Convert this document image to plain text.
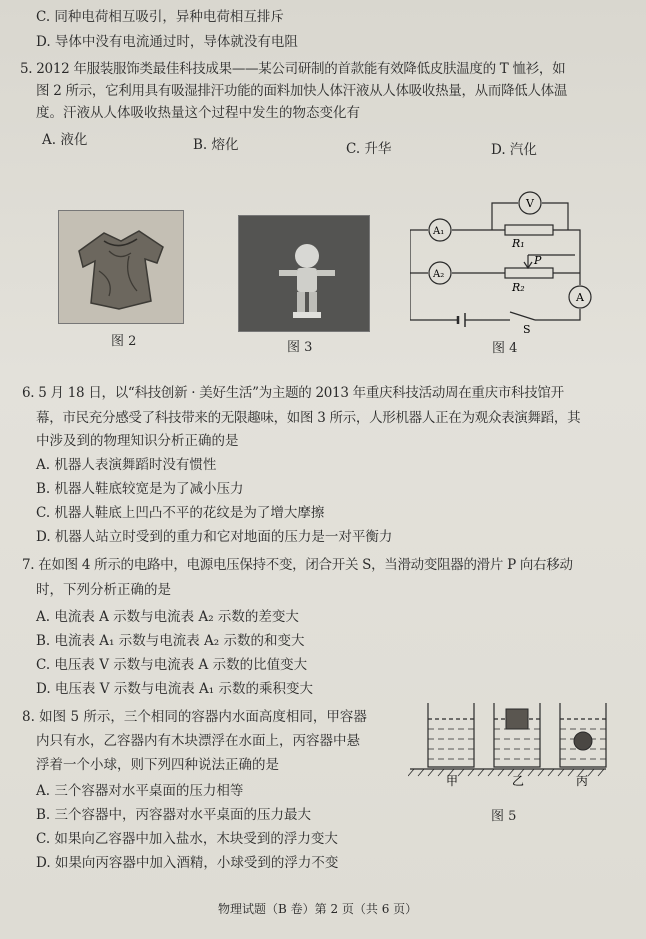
C. 同种电荷相互吸引，异种电荷相互排斥
D. 导体中没有电流通过时，导体就没有电阻
5. 2012 年服装服饰类最佳科技成果——某公司研制的首款能有效降低皮肤温度的 T 恤衫，如
图 2 所示，它利用具有吸湿排汗功能的面料加快人体汗液从人体吸收热量，从而降低人体温
度。汗液从人体吸收热量这个过程中发生的物态变化有
A. 液化	B. 熔化	C. 升华	D. 汽化
图 2	图 3
V
A₁
A₂
A
R₁
R₂
P
S
图 4
6. 5 月 18 日，以“科技创新 · 美好生活”为主题的 2013 年重庆科技活动周在重庆市科技馆开
幕，市民充分感受了科技带来的无限趣味，如图 3 所示，人形机器人正在为观众表演舞蹈，其
中涉及到的物理知识分析正确的是
A. 机器人表演舞蹈时没有惯性
B. 机器人鞋底较宽是为了减小压力
C. 机器人鞋底上凹凸不平的花纹是为了增大摩擦
D. 机器人站立时受到的重力和它对地面的压力是一对平衡力
7. 在如图 4 所示的电路中，电源电压保持不变，闭合开关 S，当滑动变阻器的滑片 P 向右移动
时，下列分析正确的是
A. 电流表 A 示数与电流表 A₂ 示数的差变大
B. 电流表 A₁ 示数与电流表 A₂ 示数的和变大
C. 电压表 V 示数与电流表 A 示数的比值变大
D. 电压表 V 示数与电流表 A₁ 示数的乘积变大
8. 如图 5 所示，三个相同的容器内水面高度相同，甲容器
内只有水，乙容器内有木块漂浮在水面上，丙容器中悬
浮着一个小球，则下列四种说法正确的是
A. 三个容器对水平桌面的压力相等
B. 三个容器中，丙容器对水平桌面的压力最大
C. 如果向乙容器中加入盐水，木块受到的浮力变大
D. 如果向丙容器中加入酒精，小球受到的浮力不变
甲	乙	丙
图 5
物理试题（B 卷）第 2 页（共 6 页）
